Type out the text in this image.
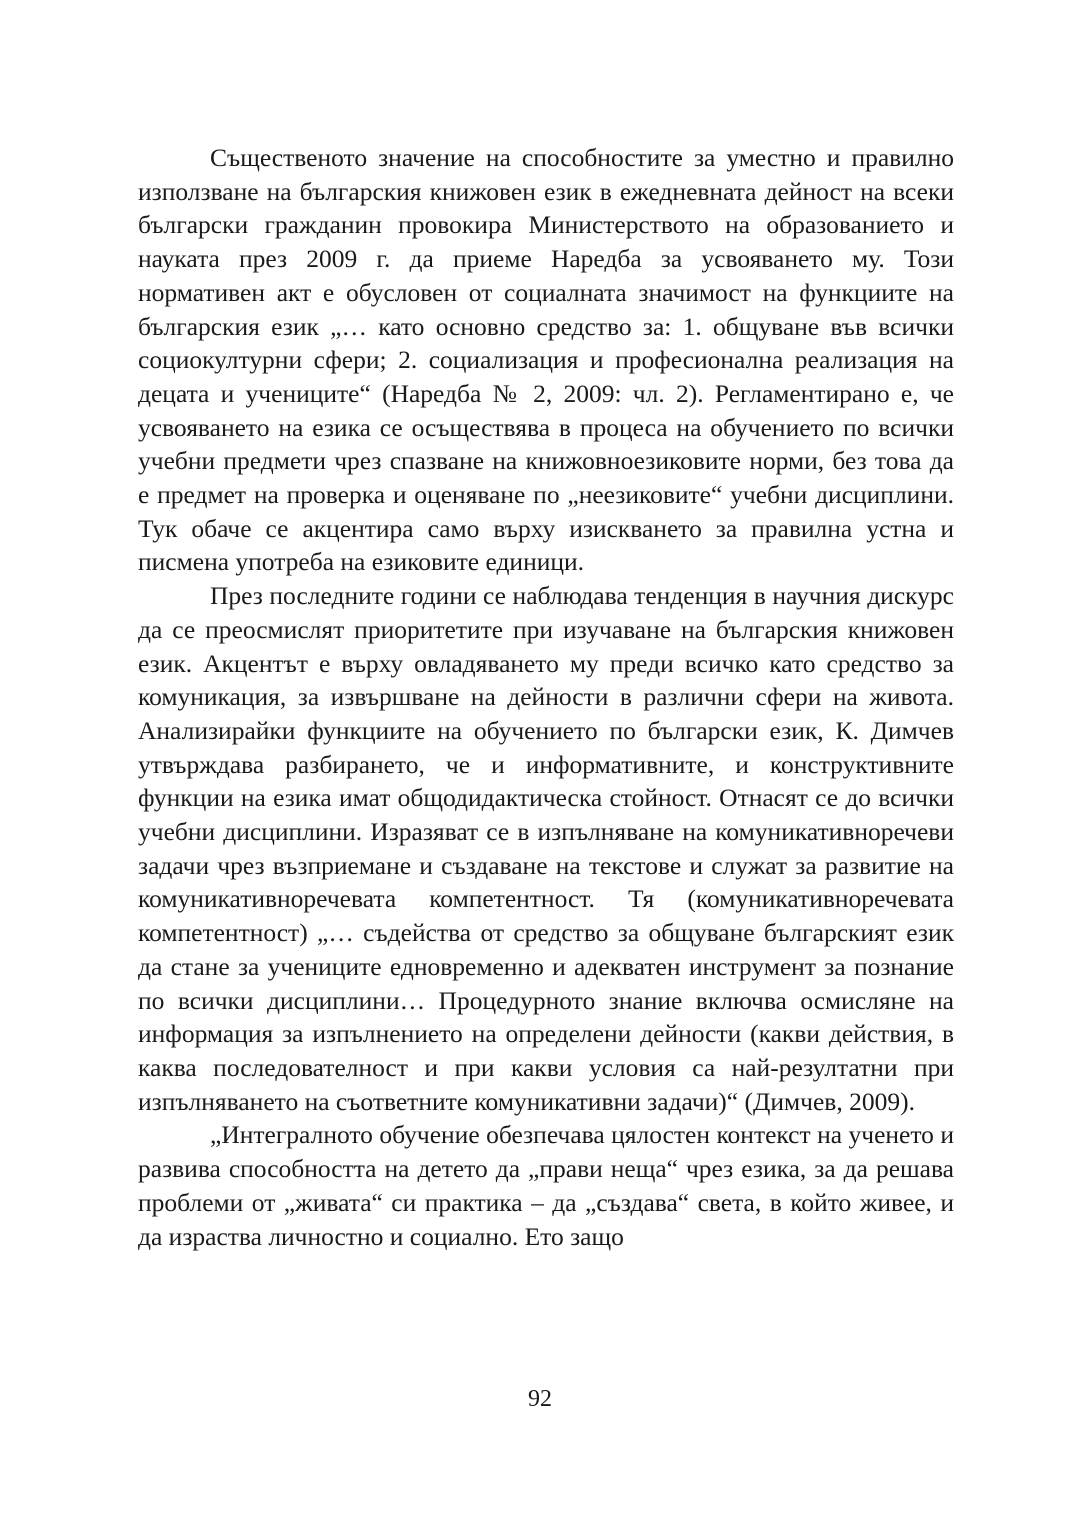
Същественото значение на способностите за уместно и правилно използване на българския книжовен език в ежедневната дейност на всеки български гражданин провокира Министерството на образованието и науката през 2009 г. да приеме Наредба за усвояването му. Този нормативен акт е обусловен от социалната значимост на функциите на българския език „… като основно средство за: 1. общуване във всички социокултурни сфери; 2. социализация и професионална реализация на децата и учениците“ (Наредба № 2, 2009: чл. 2). Регламентирано е, че усвояването на езика се осъществява в процеса на обучението по всички учебни предмети чрез спазване на книжовноезиковите норми, без това да е предмет на проверка и оценяване по „неезиковите“ учебни дисциплини. Тук обаче се акцентира само върху изискването за правилна устна и писмена употреба на езиковите единици.

През последните години се наблюдава тенденция в научния дискурс да се преосмислят приоритетите при изучаване на българския книжовен език. Акцентът е върху овладяването му преди всичко като средство за комуникация, за извършване на дейности в различни сфери на живота. Анализирайки функциите на обучението по български език, К. Димчев утвърждава разбирането, че и информативните, и конструктивните функции на езика имат общодидактическа стойност. Отнасят се до всички учебни дисциплини. Изразяват се в изпълняване на комуникативноречеви задачи чрез възприемане и създаване на текстове и служат за развитие на комуникативноречевата компетентност. Тя (комуникативноречевата компетентност) „… съдейства от средство за общуване българският език да стане за учениците едновременно и адекватен инструмент за познание по всички дисциплини… Процедурното знание включва осмисляне на информация за изпълнението на определени дейности (какви действия, в каква последователност и при какви условия са най-резултатни при изпълняването на съответните комуникативни задачи)“ (Димчев, 2009).

„Интегралното обучение обезпечава цялостен контекст на ученето и развива способността на детето да „прави неща“ чрез езика, за да решава проблеми от „живата“ си практика – да „създава“ света, в който живее, и да израства личностно и социално. Ето защо

92
